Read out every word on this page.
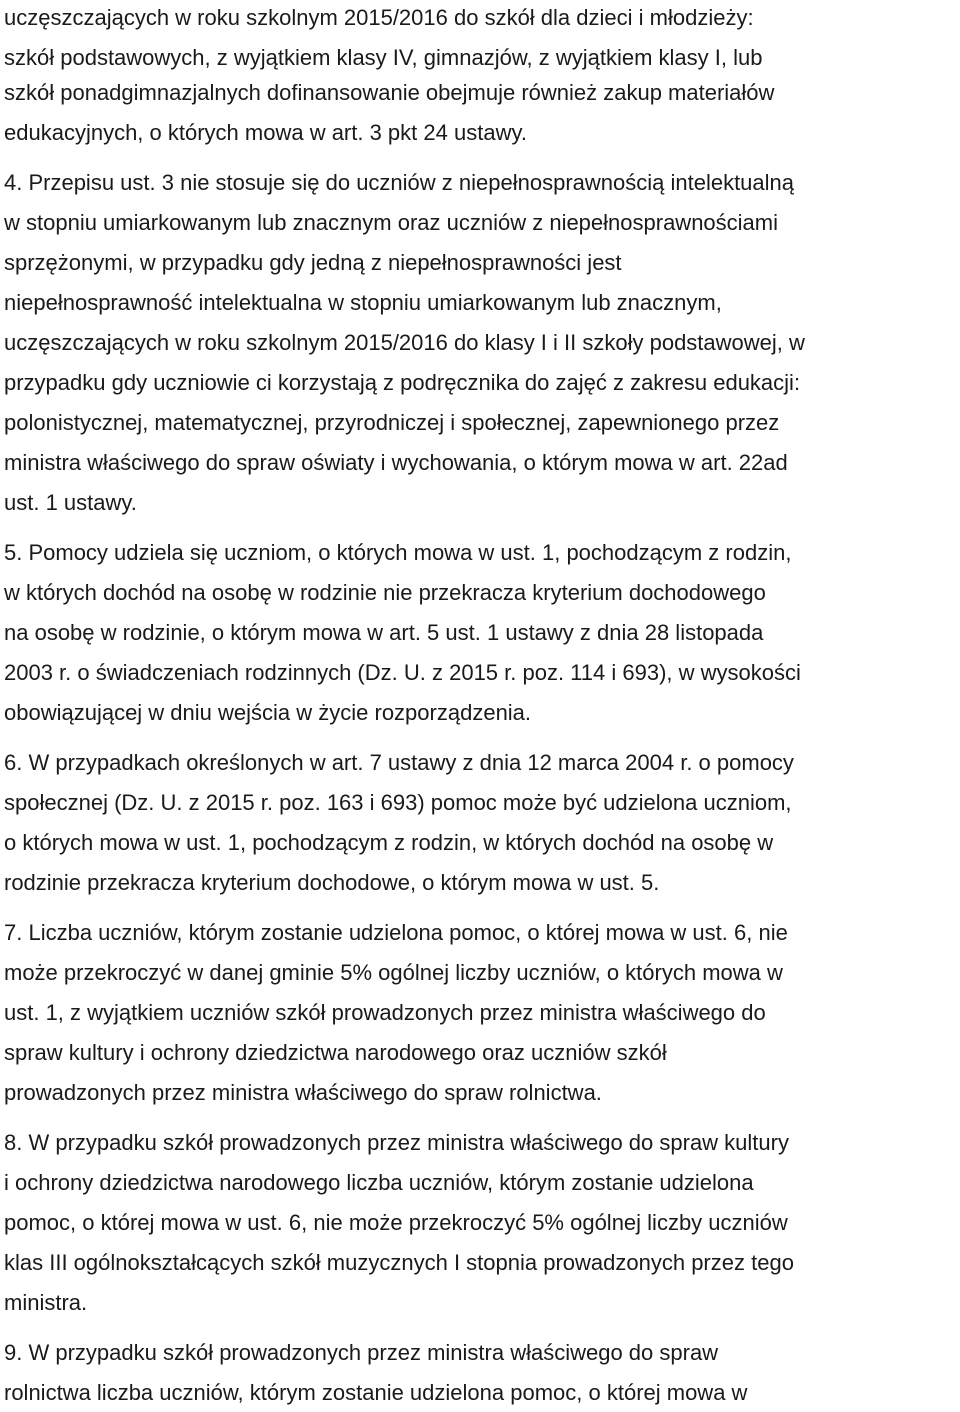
uczęszczających w roku szkolnym 2015/2016 do szkół dla dzieci i młodzieży:
szkół podstawowych, z wyjątkiem klasy IV, gimnazjów, z wyjątkiem klasy I, lub
szkół ponadgimnazjalnych dofinansowanie obejmuje również zakup materiałów
edukacyjnych, o których mowa w art. 3 pkt 24 ustawy.
4. Przepisu ust. 3 nie stosuje się do uczniów z niepełnosprawnością intelektualną
w stopniu umiarkowanym lub znacznym oraz uczniów z niepełnosprawnościami
sprzężonymi, w przypadku gdy jedną z niepełnosprawności jest
niepełnosprawność intelektualna w stopniu umiarkowanym lub znacznym,
uczęszczających w roku szkolnym 2015/2016 do klasy I i II szkoły podstawowej, w
przypadku gdy uczniowie ci korzystają z podręcznika do zajęć z zakresu edukacji:
polonistycznej, matematycznej, przyrodniczej i społecznej, zapewnionego przez
ministra właściwego do spraw oświaty i wychowania, o którym mowa w art. 22ad
ust. 1 ustawy.
5. Pomocy udziela się uczniom, o których mowa w ust. 1, pochodzącym z rodzin,
w których dochód na osobę w rodzinie nie przekracza kryterium dochodowego
na osobę w rodzinie, o którym mowa w art. 5 ust. 1 ustawy z dnia 28 listopada
2003 r. o świadczeniach rodzinnych (Dz. U. z 2015 r. poz. 114 i 693), w wysokości
obowiązującej w dniu wejścia w życie rozporządzenia.
6. W przypadkach określonych w art. 7 ustawy z dnia 12 marca 2004 r. o pomocy
społecznej (Dz. U. z 2015 r. poz. 163 i 693) pomoc może być udzielona uczniom,
o których mowa w ust. 1, pochodzącym z rodzin, w których dochód na osobę w
rodzinie przekracza kryterium dochodowe, o którym mowa w ust. 5.
7. Liczba uczniów, którym zostanie udzielona pomoc, o której mowa w ust. 6, nie
może przekroczyć w danej gminie 5% ogólnej liczby uczniów, o których mowa w
ust. 1, z wyjątkiem uczniów szkół prowadzonych przez ministra właściwego do
spraw kultury i ochrony dziedzictwa narodowego oraz uczniów szkół
prowadzonych przez ministra właściwego do spraw rolnictwa.
8. W przypadku szkół prowadzonych przez ministra właściwego do spraw kultury
i ochrony dziedzictwa narodowego liczba uczniów, którym zostanie udzielona
pomoc, o której mowa w ust. 6, nie może przekroczyć 5% ogólnej liczby uczniów
klas III ogólnokształcących szkół muzycznych I stopnia prowadzonych przez tego
ministra.
9. W przypadku szkół prowadzonych przez ministra właściwego do spraw
rolnictwa liczba uczniów, którym zostanie udzielona pomoc, o której mowa w
